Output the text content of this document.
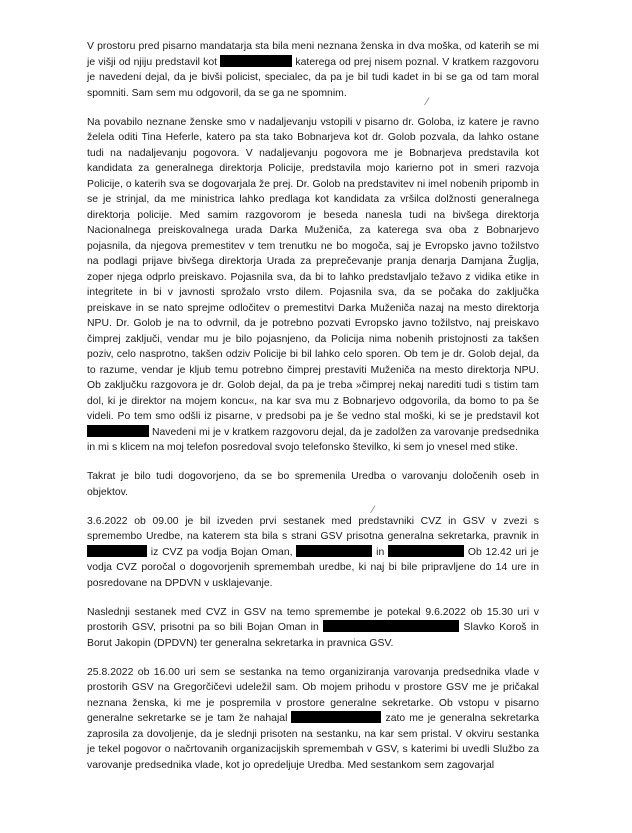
V prostoru pred pisarno mandatarja sta bila meni neznana ženska in dva moška, od katerih se mi je višji od njiju predstavil kot	katerega od prej nisem poznal. V kratkem razgovoru je navedeni dejal, da je bivši policist, specialec, da pa je bil tudi kadet in bi se ga od tam moral spomniti. Sam sem mu odgovoril, da se ga ne spomnim.

Na povabilo neznane ženske smo v nadaljevanju vstopili v pisarno dr. Goloba, iz katere je ravno želela oditi Tina Heferle, katero pa sta tako Bobnarjeva kot dr. Golob pozvala, da lahko ostane tudi na nadaljevanju pogovora. V nadaljevanju pogovora me je Bobnarjeva predstavila kot kandidata za generalnega direktorja Policije, predstavila mojo karierno pot in smeri razvoja Policije, o katerih sva se dogovarjala že prej. Dr. Golob na predstavitev ni imel nobenih pripomb in se je strinjal, da me ministrica lahko predlaga kot kandidata za vršilca dolžnosti generalnega direktorja policije. Med samim razgovorom je beseda nanesla tudi na bivšega direktorja Nacionalnega preiskovalnega urada Darka Muženiča, za katerega sva oba z Bobnarjevo pojasnila, da njegova premestitev v tem trenutku ne bo mogoča, saj je Evropsko javno tožilstvo na podlagi prijave bivšega direktorja Urada za preprečevanje pranja denarja Damjana Žugljа, zoper njega odprlo preiskavo. Pojasnila sva, da bi to lahko predstavljalo težavo z vidika etike in integritete in bi v javnosti sprožalo vrsto dilem. Pojasnila sva, da se počaka do zaključka preiskave in se nato sprejme odločitev o premestitvi Darka Muženiča nazaj na mesto direktorja NPU. Dr. Golob je na to odvrnil, da je potrebno pozvati Evropsko javno tožilstvo, naj preiskavo čimprej zaključi, vendar mu je bilo pojasnjeno, da Policija nima nobenih pristojnosti za takšen poziv, celo nasprotno, takšen odziv Policije bi bil lahko celo sporen. Ob tem je dr. Golob dejal, da to razume, vendar je kljub temu potrebno čimprej prestaviti Muženiča na mesto direktorja NPU. Ob zaključku razgovora je dr. Golob dejal, da pa je treba »čimprej nekaj narediti tudi s tistim tam dol, ki je direktor na mojem koncu«, na kar sva mu z Bobnarjevo odgovorila, da bomo to pa še videli. Po tem smo odšli iz pisarne, v predsobi pa je še vedno stal moški, ki se je predstavil kot  Navedeni mi je v kratkem razgovoru dejal, da je zadolžen za varovanje predsednika in mi s klicem na moj telefon posredoval svojo telefonsko številko, ki sem jo vnesel med stike.

Takrat je bilo tudi dogovorjeno, da se bo spremenila Uredba o varovanju določenih oseb in objektov.

3.6.2022 ob 09.00 je bil izveden prvi sestanek med predstavniki CVZ in GSV v zvezi s spremembo Uredbe, na katerem sta bila s strani GSV prisotna generalna sekretarka, pravnik in  iz CVZ pa vodja Bojan Oman,	in	Ob 12.42 uri je vodja CVZ poročal o dogovorjenih spremembah uredbe, ki naj bi bile pripravljene do 14 ure in posredovane na DPDVN v usklajevanje.

Naslednji sestanek med CVZ in GSV na temo spremembe je potekal 9.6.2022 ob 15.30 uri v prostorih GSV, prisotni pa so bili Bojan Oman in	Slavko Koroš in Borut Jakopin (DPDVN) ter generalna sekretarka in pravnica GSV.

25.8.2022 ob 16.00 uri sem se sestanka na temo organiziranja varovanja predsednika vlade v prostorih GSV na Gregorčičevi udeležil sam. Ob mojem prihodu v prostore GSV me je pričakal neznana ženska, ki me je pospremila v prostore generalne sekretarke. Ob vstopu v pisarno generalne sekretarke se je tam že nahajal	zato me je generalna sekretarka zaprosila za dovoljenje, da je slednji prisoten na sestanku, na kar sem pristal. V okviru sestanka je tekel pogovor o načrtovanih organizacijskih spremembah v GSV, s katerimi bi uvedli Službo za varovanje predsednika vlade, kot jo opredeljuje Uredba. Med sestankom sem zagovarjal

⁄
⁄
